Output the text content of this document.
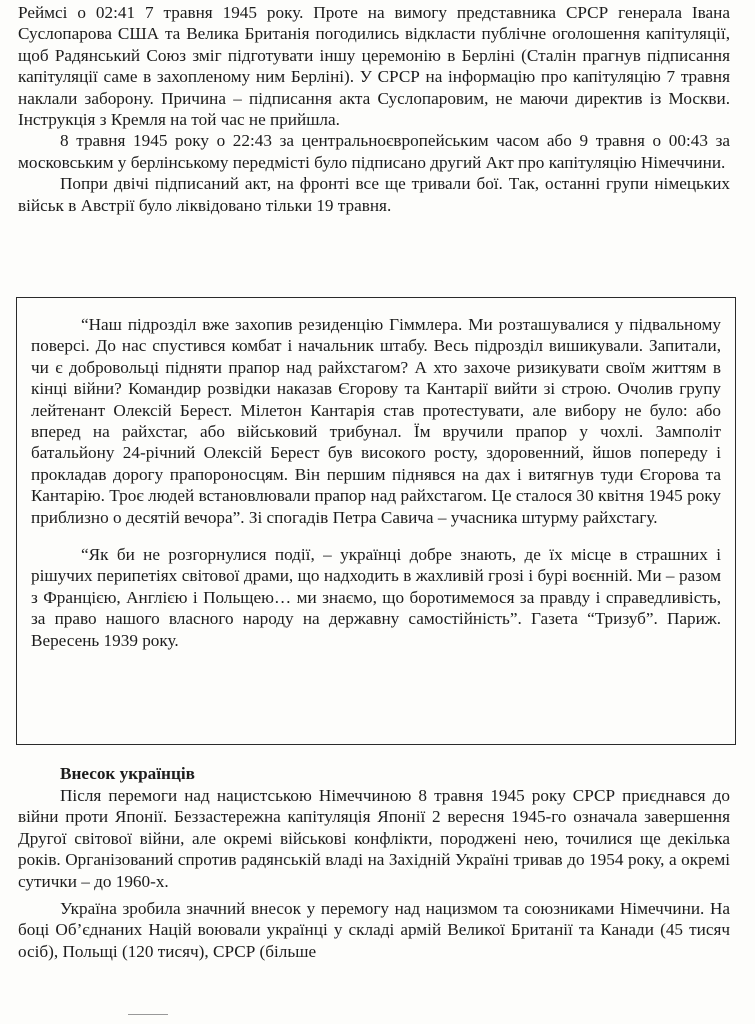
Реймсі о 02:41 7 травня 1945 року. Проте на вимогу представника СРСР генерала Івана Суслопарова США та Велика Британія погодились відкласти публічне оголошення капітуляції, щоб Радянський Союз зміг підготувати іншу церемонію в Берліні (Сталін прагнув підписання капітуляції саме в захопленому ним Берліні). У СРСР на інформацію про капітуляцію 7 травня наклали заборону. Причина – підписання акта Суслопаровим, не маючи директив із Москви. Інструкція з Кремля на той час не прийшла.

8 травня 1945 року о 22:43 за центральноєвропейським часом або 9 травня о 00:43 за московським у берлінському передмісті було підписано другий Акт про капітуляцію Німеччини.

Попри двічі підписаний акт, на фронті все ще тривали бої. Так, останні групи німецьких військ в Австрії було ліквідовано тільки 19 травня.

“Наш підрозділ вже захопив резиденцію Гіммлера. Ми розташувалися у підвальному поверсі. До нас спустився комбат і начальник штабу. Весь підрозділ вишикували. Запитали, чи є добровольці підняти прапор над райхстагом? А хто захоче ризикувати своїм життям в кінці війни? Командир розвідки наказав Єгорову та Кантарії вийти зі строю. Очолив групу лейтенант Олексій Берест. Мілетон Кантарія став протестувати, але вибору не було: або вперед на райхстаг, або військовий трибунал. Їм вручили прапор у чохлі. Замполіт батальйону 24-річний Олексій Берест був високого росту, здоровенний, йшов попереду і прокладав дорогу прапороносцям. Він першим піднявся на дах і витягнув туди Єгорова та Кантарію. Троє людей встановлювали прапор над райхстагом. Це сталося 30 квітня 1945 року приблизно о десятій вечора”. Зі спогадів Петра Савича – учасника штурму райхстагу.

“Як би не розгорнулися події, – українці добре знають, де їх місце в страшних і рішучих перипетіях світової драми, що надходить в жахливій грозі і бурі воєнній. Ми – разом з Францією, Англією і Польщею… ми знаємо, що боротимемося за правду і справедливість, за право нашого власного народу на державну самостійність”. Газета “Тризуб”. Париж. Вересень 1939 року.

Внесок українців

Після перемоги над нацистською Німеччиною 8 травня 1945 року СРСР приєднався до війни проти Японії. Беззастережна капітуляція Японії 2 вересня 1945-го означала завершення Другої світової війни, але окремі військові конфлікти, породжені нею, точилися ще декілька років. Організований спротив радянській владі на Західній Україні тривав до 1954 року, а окремі сутички – до 1960-х.

Україна зробила значний внесок у перемогу над нацизмом та союзниками Німеччини. На боці Об’єднаних Націй воювали українці у складі армій Великої Британії та Канади (45 тисяч осіб), Польщі (120 тисяч), СРСР (більше
